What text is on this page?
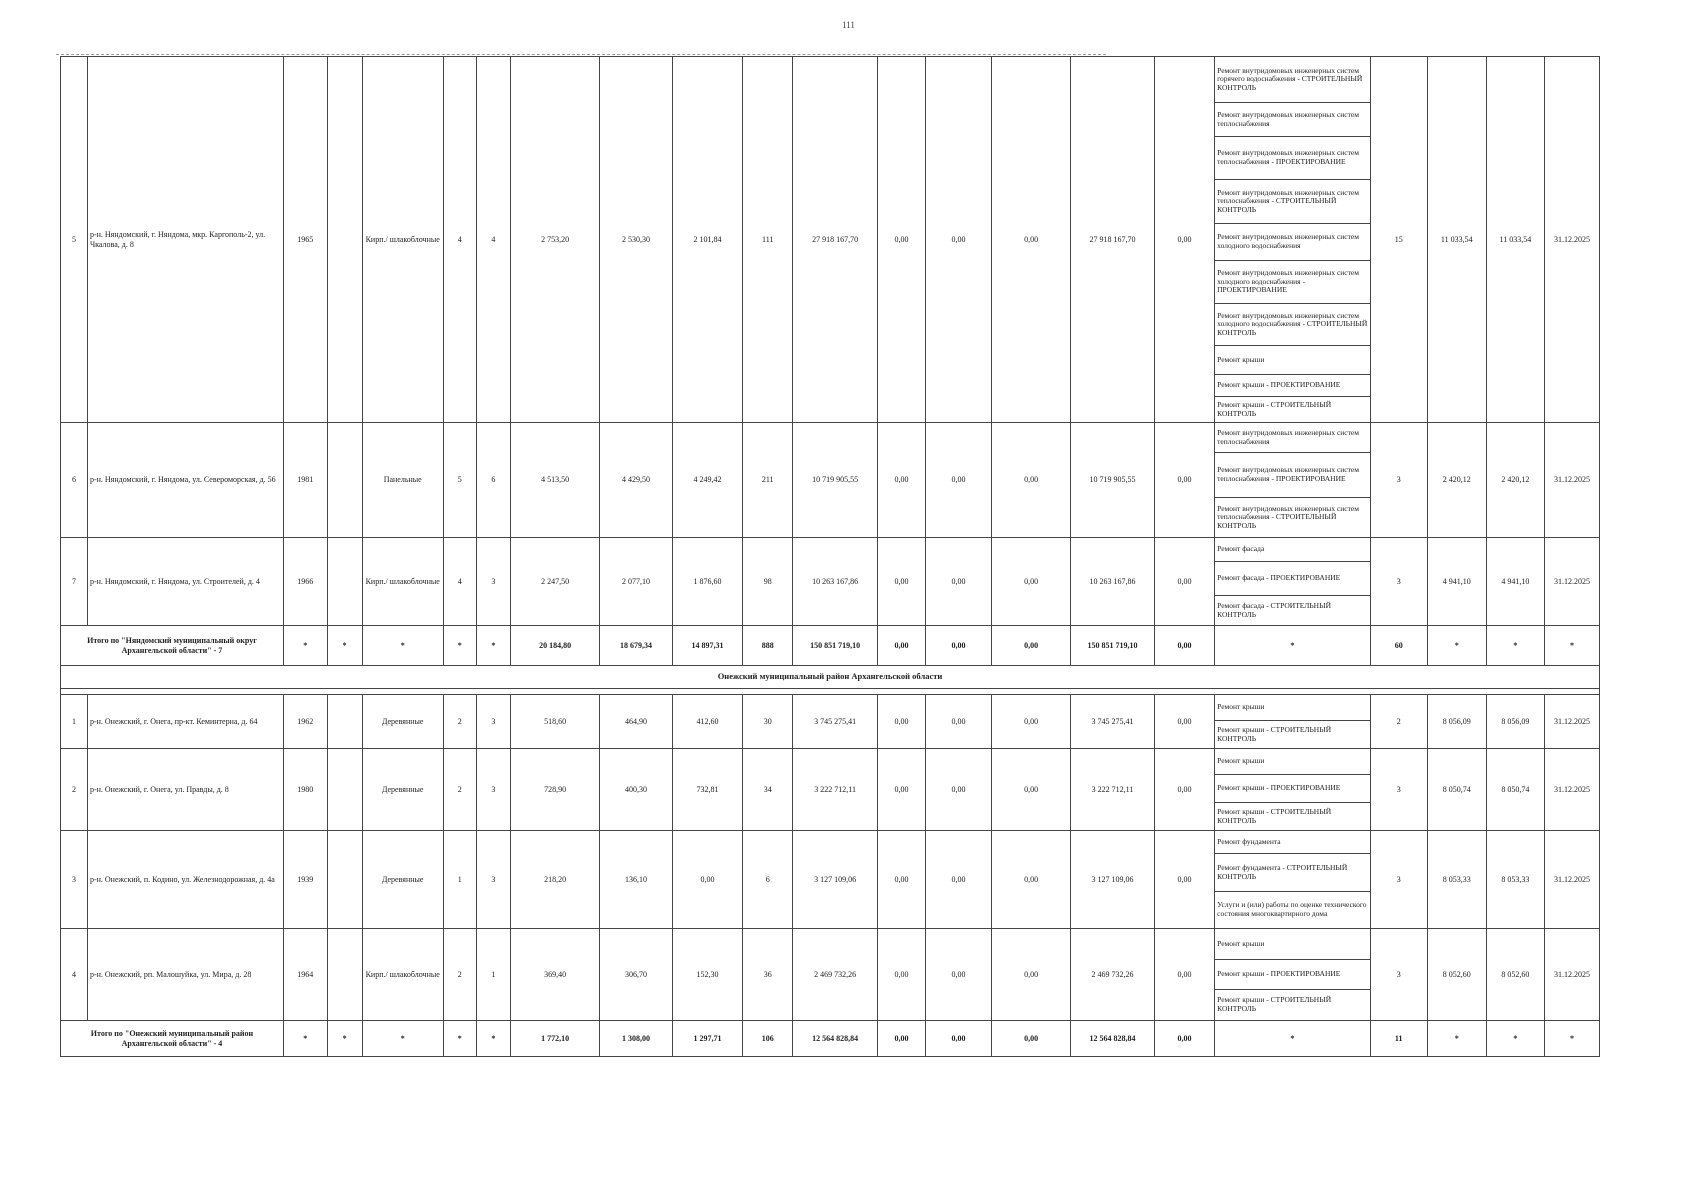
111
5	р-н. Няндомский, г. Няндома, мкр. Каргополь-2, ул. Чкалова, д. 8	1965		Кирп./ шлакоблочные	4	4	2 753,20	2 530,30	2 101,84	111	27 918 167,70	0,00	0,00	0,00	27 918 167,70	0,00	Ремонт внутридомовых инженерных систем горячего водоснабжения - СТРОИТЕЛЬНЫЙ КОНТРОЛЬ	15	11 033,54	11 033,54	31.12.2025
																	Ремонт внутридомовых инженерных систем теплоснабжения				
																	Ремонт внутридомовых инженерных систем теплоснабжения - ПРОЕКТИРОВАНИЕ				
																	Ремонт внутридомовых инженерных систем теплоснабжения - СТРОИТЕЛЬНЫЙ КОНТРОЛЬ				
																	Ремонт внутридомовых инженерных систем холодного водоснабжения				
																	Ремонт внутридомовых инженерных систем холодного водоснабжения - ПРОЕКТИРОВАНИЕ				
																	Ремонт внутридомовых инженерных систем холодного водоснабжения - СТРОИТЕЛЬНЫЙ КОНТРОЛЬ				
																	Ремонт крыши				
																	Ремонт крыши - ПРОЕКТИРОВАНИЕ				
																	Ремонт крыши - СТРОИТЕЛЬНЫЙ КОНТРОЛЬ				
6	р-н. Няндомский, г. Няндома, ул. Североморская, д. 56	1981		Панельные	5	6	4 513,50	4 429,50	4 249,42	211	10 719 905,55	0,00	0,00	0,00	10 719 905,55	0,00	Ремонт внутридомовых инженерных систем теплоснабжения	3	2 420,12	2 420,12	31.12.2025
																	Ремонт внутридомовых инженерных систем теплоснабжения - ПРОЕКТИРОВАНИЕ				
																	Ремонт внутридомовых инженерных систем теплоснабжения - СТРОИТЕЛЬНЫЙ КОНТРОЛЬ				
7	р-н. Няндомский, г. Няндома, ул. Строителей, д. 4	1966		Кирп./ шлакоблочные	4	3	2 247,50	2 077,10	1 876,60	98	10 263 167,86	0,00	0,00	0,00	10 263 167,86	0,00	Ремонт фасада	3	4 941,10	4 941,10	31.12.2025
																	Ремонт фасада - ПРОЕКТИРОВАНИЕ				
																	Ремонт фасада - СТРОИТЕЛЬНЫЙ КОНТРОЛЬ				
Итого по "Няндомский муниципальный округ Архангельской области" - 7		*	*	*	*	*	20 184,80	18 679,34	14 897,31	888	150 851 719,10	0,00	0,00	0,00	150 851 719,10	0,00	*	60	*	*	*
Онежский муниципальный район Архангельской области																					

1	р-н. Онежский, г. Онега, пр-кт. Кеминтерна, д. 64	1962		Деревянные	2	3	518,60	464,90	412,60	30	3 745 275,41	0,00	0,00	0,00	3 745 275,41	0,00	Ремонт крыши	2	8 056,09	8 056,09	31.12.2025
																	Ремонт крыши - СТРОИТЕЛЬНЫЙ КОНТРОЛЬ				
2	р-н. Онежский, г. Онега, ул. Правды, д. 8	1980		Деревянные	2	3	728,90	400,30	732,81	34	3 222 712,11	0,00	0,00	0,00	3 222 712,11	0,00	Ремонт крыши	3	8 050,74	8 050,74	31.12.2025
																	Ремонт крыши - ПРОЕКТИРОВАНИЕ				
																	Ремонт крыши - СТРОИТЕЛЬНЫЙ КОНТРОЛЬ				
3	р-н. Онежский, п. Кодино, ул. Железнодорожная, д. 4а	1939		Деревянные	1	3	218,20	136,10	0,00	6	3 127 109,06	0,00	0,00	0,00	3 127 109,06	0,00	Ремонт фундамента	3	8 053,33	8 053,33	31.12.2025
																	Ремонт фундамента - СТРОИТЕЛЬНЫЙ КОНТРОЛЬ				
																	Услуги и (или) работы по оценке технического состояния многоквартирного дома				
4	р-н. Онежский, рп. Малошуйка, ул. Мира, д. 28	1964		Кирп./ шлакоблочные	2	1	369,40	306,70	152,30	36	2 469 732,26	0,00	0,00	0,00	2 469 732,26	0,00	Ремонт крыши	3	8 052,60	8 052,60	31.12.2025
																	Ремонт крыши - ПРОЕКТИРОВАНИЕ				
																	Ремонт крыши - СТРОИТЕЛЬНЫЙ КОНТРОЛЬ				
Итого по "Онежский муниципальный район Архангельской области" - 4		*	*	*	*	*	1 772,10	1 308,00	1 297,71	106	12 564 828,84	0,00	0,00	0,00	12 564 828,84	0,00	*	11	*	*	*
